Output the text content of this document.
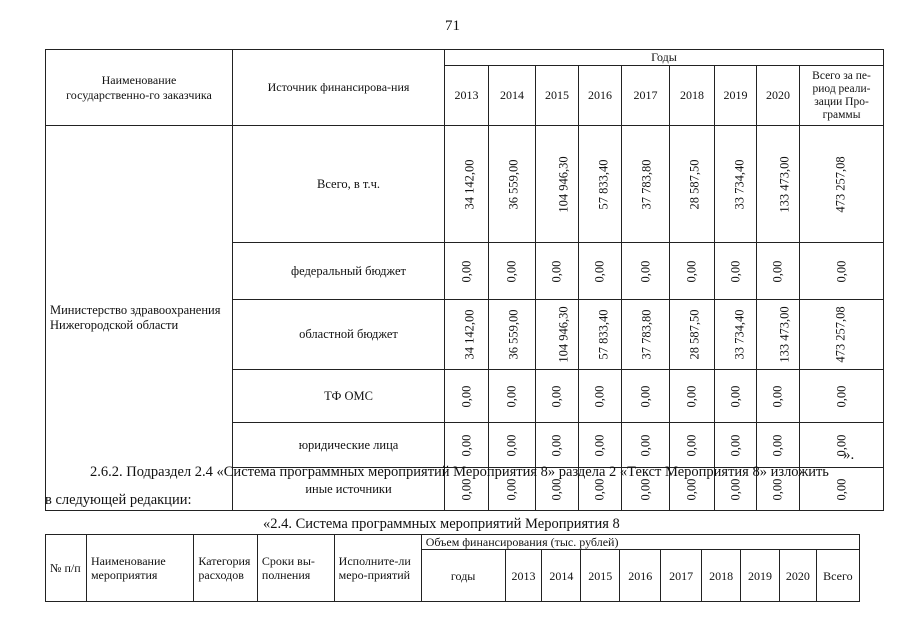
71
Наименование государственно-го заказчика	Источник финансирова-ния	Годы								
		2013	2014	2015	2016	2017	2018	2019	2020	Всего за пе-риод реали-зации Про-граммы
Министерство здравоохранения Нижегородской области	Всего, в т.ч.	34 142,00	36 559,00	104 946,30	57 833,40	37 783,80	28 587,50	33 734,40	133 473,00	473 257,08
	федеральный бюджет	0,00	0,00	0,00	0,00	0,00	0,00	0,00	0,00	0,00
	областной бюджет	34 142,00	36 559,00	104 946,30	57 833,40	37 783,80	28 587,50	33 734,40	133 473,00	473 257,08
	ТФ ОМС	0,00	0,00	0,00	0,00	0,00	0,00	0,00	0,00	0,00
	юридические лица	0,00	0,00	0,00	0,00	0,00	0,00	0,00	0,00	0,00
	иные источники	0,00	0,00	0,00	0,00	0,00	0,00	0,00	0,00	0,00
».
2.6.2. Подраздел 2.4 «Система программных мероприятий Мероприятия 8» раздела 2 «Текст Мероприятия 8» изложить
в следующей редакции:
«2.4. Система программных мероприятий Мероприятия 8
№ п/п	Наименование мероприятия	Категория расходов	Сроки вы-полнения	Исполните-ли меро-приятий	Объем финансирования (тыс. рублей)									
					годы	2013	2014	2015	2016	2017	2018	2019	2020	Всего
